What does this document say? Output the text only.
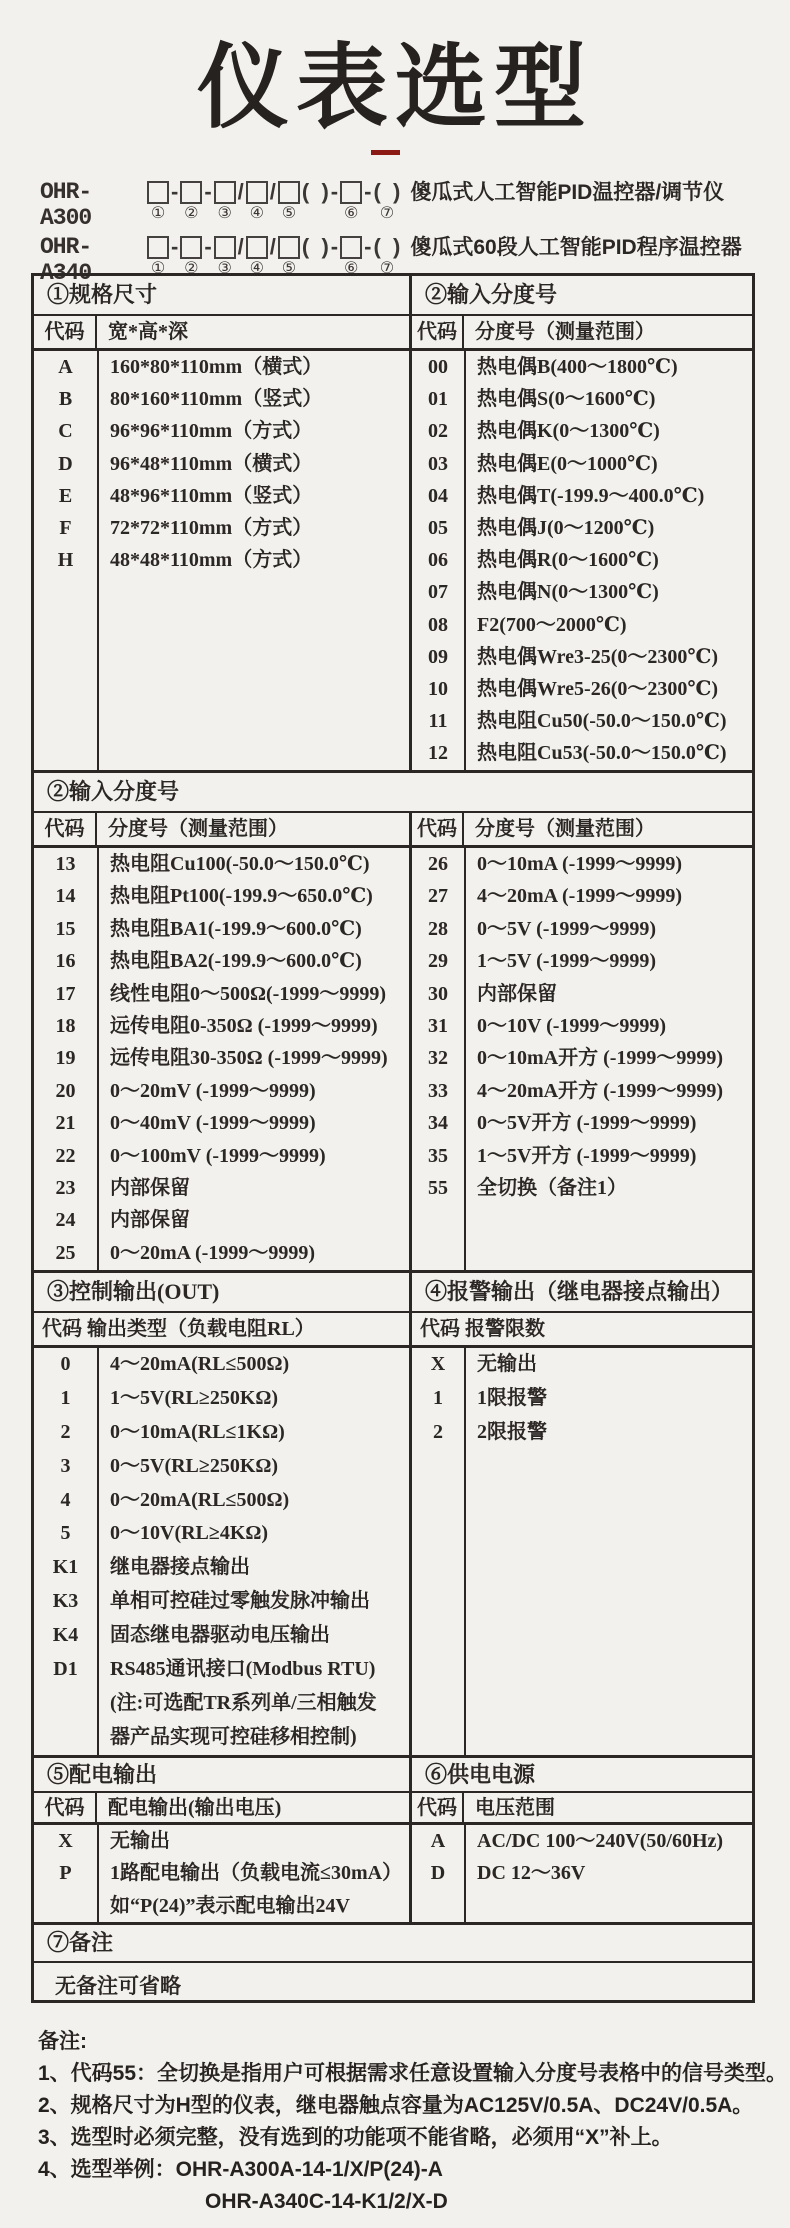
仪表选型
OHR-A300	①
-
②
-
③
/
④
/
⑤
(  ) -
⑥
- (  )
⑦
傻瓜式人工智能PID温控器/调节仪
OHR-A340	①
-
②
-
③
/
④
/
⑤
(  ) -
⑥
- (  )
⑦
傻瓜式60段人工智能PID程序温控器
①规格尺寸
代码	宽*高*深
A	160*80*110mm（横式）
B	80*160*110mm（竖式）
C	96*96*110mm（方式）
D	96*48*110mm（横式）
E	48*96*110mm（竖式）
F	72*72*110mm（方式）
H	48*48*110mm（方式）
②输入分度号
代码 分度号（测量范围）
00	热电偶B(400～1800℃)
01	热电偶S(0～1600℃)
02	热电偶K(0～1300℃)
03	热电偶E(0～1000℃)
04	热电偶T(-199.9～400.0℃)
05	热电偶J(0～1200℃)
06	热电偶R(0～1600℃)
07	热电偶N(0～1300℃)
08	F2(700～2000℃)
09	热电偶Wre3-25(0～2300℃)
10	热电偶Wre5-26(0～2300℃)
11	热电阻Cu50(-50.0～150.0℃)
12	热电阻Cu53(-50.0～150.0℃)
②输入分度号
代码	分度号（测量范围）
13	热电阻Cu100(-50.0～150.0℃)
14	热电阻Pt100(-199.9～650.0℃)
15	热电阻BA1(-199.9～600.0℃)
16	热电阻BA2(-199.9～600.0℃)
17	线性电阻0～500Ω(-1999～9999)
18	远传电阻0-350Ω (-1999～9999)
19	远传电阻30-350Ω (-1999～9999)
20	0～20mV (-1999～9999)
21	0～40mV (-1999～9999)
22	0～100mV (-1999～9999)
23	内部保留
24	内部保留
25	0～20mA (-1999～9999)
代码 分度号（测量范围）
26	0～10mA (-1999～9999)
27	4～20mA (-1999～9999)
28	0～5V (-1999～9999)
29	1～5V (-1999～9999)
30	内部保留
31	0～10V (-1999～9999)
32	0～10mA开方 (-1999～9999)
33	4～20mA开方 (-1999～9999)
34	0～5V开方 (-1999～9999)
35	1～5V开方 (-1999～9999)
55	全切换（备注1）
③控制输出(OUT)
代码 输出类型（负载电阻RL）
0	4～20mA(RL≤500Ω)
1	1～5V(RL≥250KΩ)
2	0～10mA(RL≤1KΩ)
3	0～5V(RL≥250KΩ)
4	0～20mA(RL≤500Ω)
5	0～10V(RL≥4KΩ)
K1	继电器接点输出
K3	单相可控硅过零触发脉冲输出
K4	固态继电器驱动电压输出
D1	RS485通讯接口(Modbus RTU)
(注:可选配TR系列单/三相触发
器产品实现可控硅移相控制)
④报警输出（继电器接点输出）
代码 报警限数
X	无输出
1	1限报警
2	2限报警
⑤配电输出
代码	配电输出(输出电压)
X	无输出
P	1路配电输出（负载电流≤30mA）
如“P(24)”表示配电输出24V
⑥供电电源
代码 电压范围
A	AC/DC 100～240V(50/60Hz)
D	DC 12～36V
⑦备注
无备注可省略
备注:
1、代码55：全切换是指用户可根据需求任意设置输入分度号表格中的信号类型。
2、规格尺寸为H型的仪表，继电器触点容量为AC125V/0.5A、DC24V/0.5A。
3、选型时必须完整，没有选到的功能项不能省略，必须用“X”补上。
4、选型举例：OHR-A300A-14-1/X/P(24)-A
OHR-A340C-14-K1/2/X-D
